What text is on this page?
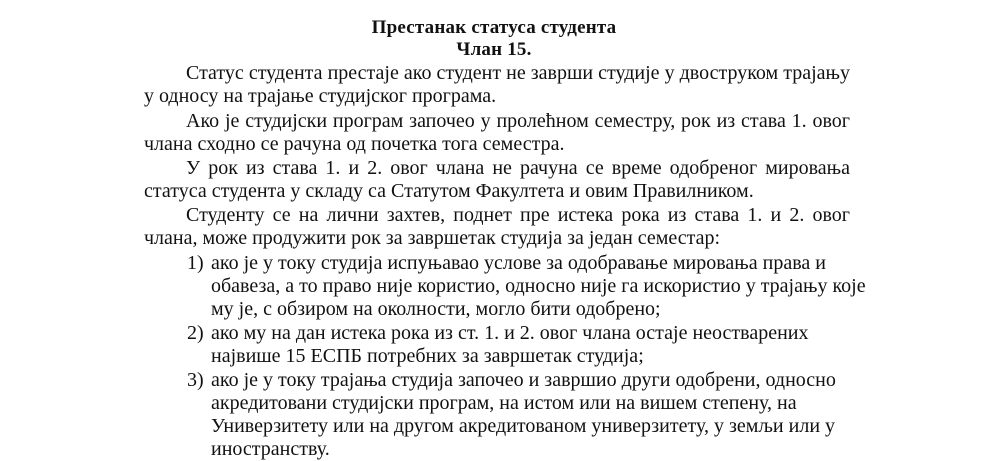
Престанак статуса студента
Члан 15.

Статус студента престаје ако студент не заврши студије у двоструком трајању у односу на трајање студијског програма.

Ако је студијски програм започео у пролећном семестру, рок из става 1. овог члана сходно се рачуна од почетка тога семестра.

У рок из става 1. и 2. овог члана не рачуна се време одобреног мировања статуса студента у складу са Статутом Факултета и овим Правилником.

Студенту се на лични захтев, поднет пре истека рока из става 1. и 2. овог члана, може продужити рок за завршетак студија за један семестар:

1) ако је у току студија испуњавао услове за одобравање мировања права и обавеза, а то право није користио, односно није га искористио у трајању које му је, с обзиром на околности, могло бити одобрено;

2) ако му на дан истека рока из ст. 1. и 2. овог члана остаје неостварених највише 15 ЕСПБ потребних за завршетак студија;

3) ако је у току трајања студија започео и завршио други одобрени, односно акредитовани студијски програм, на истом или на вишем степену, на Универзитету или на другом акредитованом универзитету, у земљи или у иностранству.
